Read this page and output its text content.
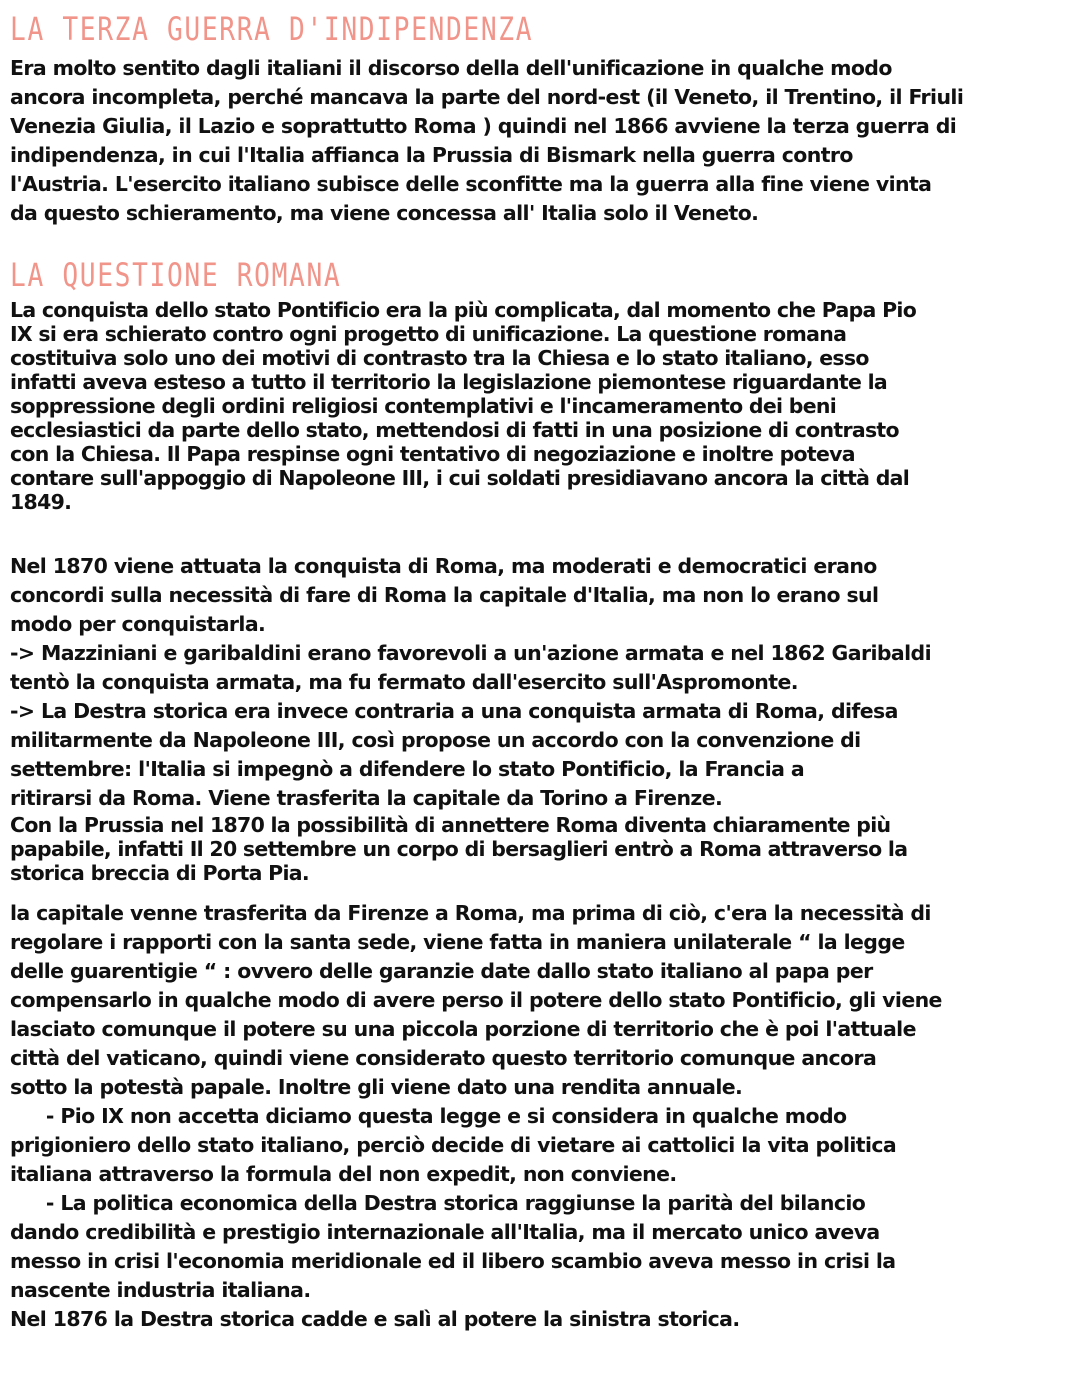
LA TERZA GUERRA D'INDIPENDENZA

Era molto sentito dagli italiani il discorso della dell'unificazione in qualche modo
ancora incompleta, perché mancava la parte del nord-est (il Veneto, il Trentino, il Friuli
Venezia Giulia, il Lazio e soprattutto Roma ) quindi nel 1866 avviene la terza guerra di
indipendenza, in cui l'Italia affianca la Prussia di Bismark nella guerra contro
l'Austria. L'esercito italiano subisce delle sconfitte ma la guerra alla fine viene vinta
da questo schieramento, ma viene concessa all' Italia solo il Veneto.

LA QUESTIONE ROMANA

La conquista dello stato Pontificio era la più complicata, dal momento che Papa Pio
IX si era schierato contro ogni progetto di unificazione. La questione romana
costituiva solo uno dei motivi di contrasto tra la Chiesa e lo stato italiano, esso
infatti aveva esteso a tutto il territorio la legislazione piemontese riguardante la
soppressione degli ordini religiosi contemplativi e l'incameramento dei beni
ecclesiastici da parte dello stato, mettendosi di fatti in una posizione di contrasto
con la Chiesa. Il Papa respinse ogni tentativo di negoziazione e inoltre poteva
contare sull'appoggio di Napoleone III, i cui soldati presidiavano ancora la città dal
1849.

Nel 1870 viene attuata la conquista di Roma, ma moderati e democratici erano
concordi sulla necessità di fare di Roma la capitale d'Italia, ma non lo erano sul
modo per conquistarla.
-> Mazziniani e garibaldini erano favorevoli a un'azione armata e nel 1862 Garibaldi
tentò la conquista armata, ma fu fermato dall'esercito sull'Aspromonte.
-> La Destra storica era invece contraria a una conquista armata di Roma, difesa
militarmente da Napoleone III, così propose un accordo con la convenzione di
settembre: l'Italia si impegnò a difendere lo stato Pontificio, la Francia a
ritirarsi da Roma. Viene trasferita la capitale da Torino a Firenze.

Con la Prussia nel 1870 la possibilità di annettere Roma diventa chiaramente più
papabile, infatti Il 20 settembre un corpo di bersaglieri entrò a Roma attraverso la
storica breccia di Porta Pia.

la capitale venne trasferita da Firenze a Roma, ma prima di ciò, c'era la necessità di
regolare i rapporti con la santa sede, viene fatta in maniera unilaterale “ la legge
delle guarentigie “ : ovvero delle garanzie date dallo stato italiano al papa per
compensarlo in qualche modo di avere perso il potere dello stato Pontificio, gli viene
lasciato comunque il potere su una piccola porzione di territorio che è poi l'attuale
città del vaticano, quindi viene considerato questo territorio comunque ancora
sotto la potestà papale. Inoltre gli viene dato una rendita annuale.
- Pio IX non accetta diciamo questa legge e si considera in qualche modo
prigioniero dello stato italiano, perciò decide di vietare ai cattolici la vita politica
italiana attraverso la formula del non expedit, non conviene.
- La politica economica della Destra storica raggiunse la parità del bilancio
dando credibilità e prestigio internazionale all'Italia, ma il mercato unico aveva
messo in crisi l'economia meridionale ed il libero scambio aveva messo in crisi la
nascente industria italiana.
Nel 1876 la Destra storica cadde e salì al potere la sinistra storica.
